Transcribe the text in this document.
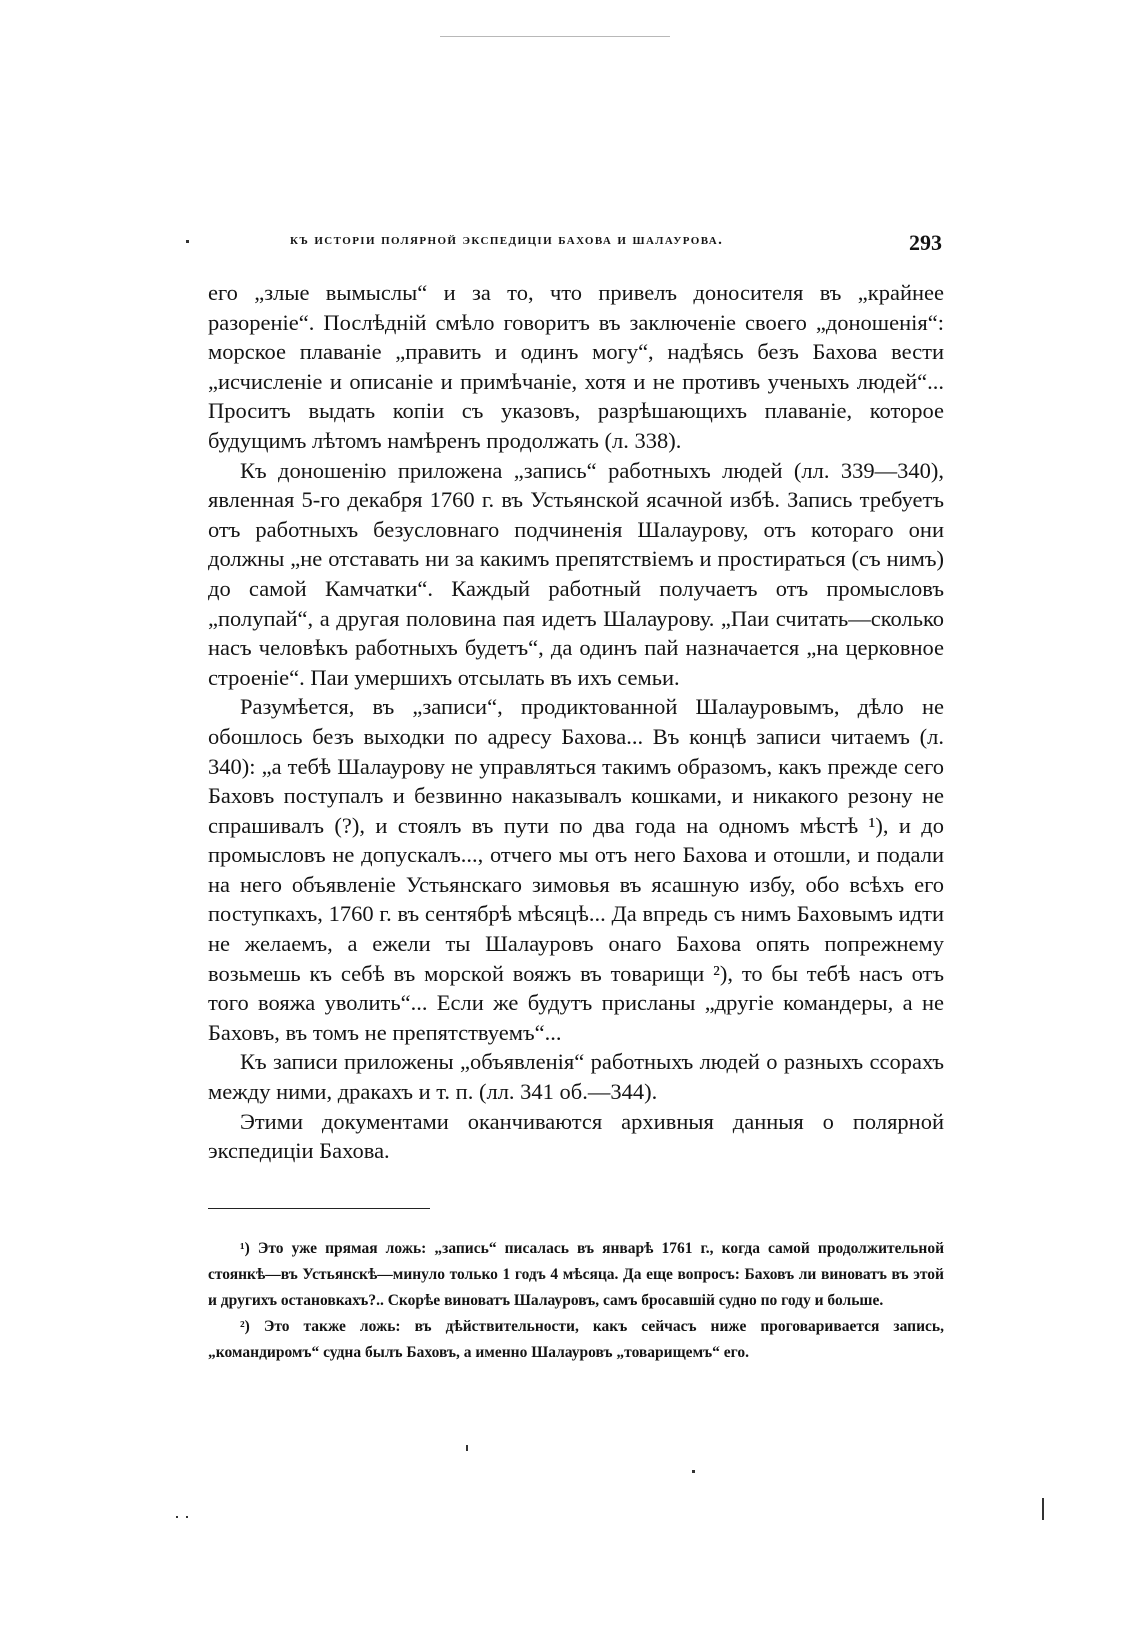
къ исторіи полярной экспедиціи бахова и шалаурова.	293

его „злые вымыслы“ и за то, что привелъ доносителя въ „крайнее разореніе“. Послѣдній смѣло говоритъ въ заключеніе своего „доношенія“: морское плаваніе „править и одинъ могу“, надѣясь безъ Бахова вести „исчисленіе и описаніе и примѣчаніе, хотя и не противъ ученыхъ людей“... Проситъ выдать копіи съ указовъ, разрѣшающихъ плаваніе, которое будущимъ лѣтомъ намѣренъ продолжать (л. 338).

Къ доношенію приложена „запись“ работныхъ людей (лл. 339—340), явленная 5-го декабря 1760 г. въ Устьянской ясачной избѣ. Запись требуетъ отъ работныхъ безусловнаго подчиненія Шалаурову, отъ котораго они должны „не отставать ни за какимъ препятствіемъ и простираться (съ нимъ) до самой Камчатки“. Каждый работный получаетъ отъ промысловъ „полупай“, а другая половина пая идетъ Шалаурову. „Паи считать—сколько насъ человѣкъ работныхъ будетъ“, да одинъ пай назначается „на церковное строеніе“. Паи умершихъ отсылать въ ихъ семьи.

Разумѣется, въ „записи“, продиктованной Шалауровымъ, дѣло не обошлось безъ выходки по адресу Бахова... Въ концѣ записи читаемъ (л. 340): „а тебѣ Шалаурову не управляться такимъ образомъ, какъ прежде сего Баховъ поступалъ и безвинно наказывалъ кошками, и никакого резону не спрашивалъ (?), и стоялъ въ пути по два года на одномъ мѣстѣ ¹), и до промысловъ не допускалъ..., отчего мы отъ него Бахова и отошли, и подали на него объявленіе Устьянскаго зимовья въ ясашную избу, обо всѣхъ его поступкахъ, 1760 г. въ сентябрѣ мѣсяцѣ... Да впредь съ нимъ Баховымъ идти не желаемъ, а ежели ты Шалауровъ онаго Бахова опять попрежнему возьмешь къ себѣ въ морской вояжъ въ товарищи ²), то бы тебѣ насъ отъ того вояжа уволить“... Если же будутъ присланы „другіе командеры, а не Баховъ, въ томъ не препятствуемъ“...

Къ записи приложены „объявленія“ работныхъ людей о разныхъ ссорахъ между ними, дракахъ и т. п. (лл. 341 об.—344).

Этими документами оканчиваются архивныя данныя о полярной экспедиціи Бахова.

¹) Это уже прямая ложь: „запись“ писалась въ январѣ 1761 г., когда самой продолжительной стоянкѣ—въ Устьянскѣ—минуло только 1 годъ 4 мѣсяца. Да еще вопросъ: Баховъ ли виноватъ въ этой и другихъ остановкахъ?.. Скорѣе виноватъ Шалауровъ, самъ бросавшій судно по году и больше.

²) Это также ложь: въ дѣйствительности, какъ сейчасъ ниже проговаривается запись, „командиромъ“ судна былъ Баховъ, а именно Шалауровъ „товарищемъ“ его.
